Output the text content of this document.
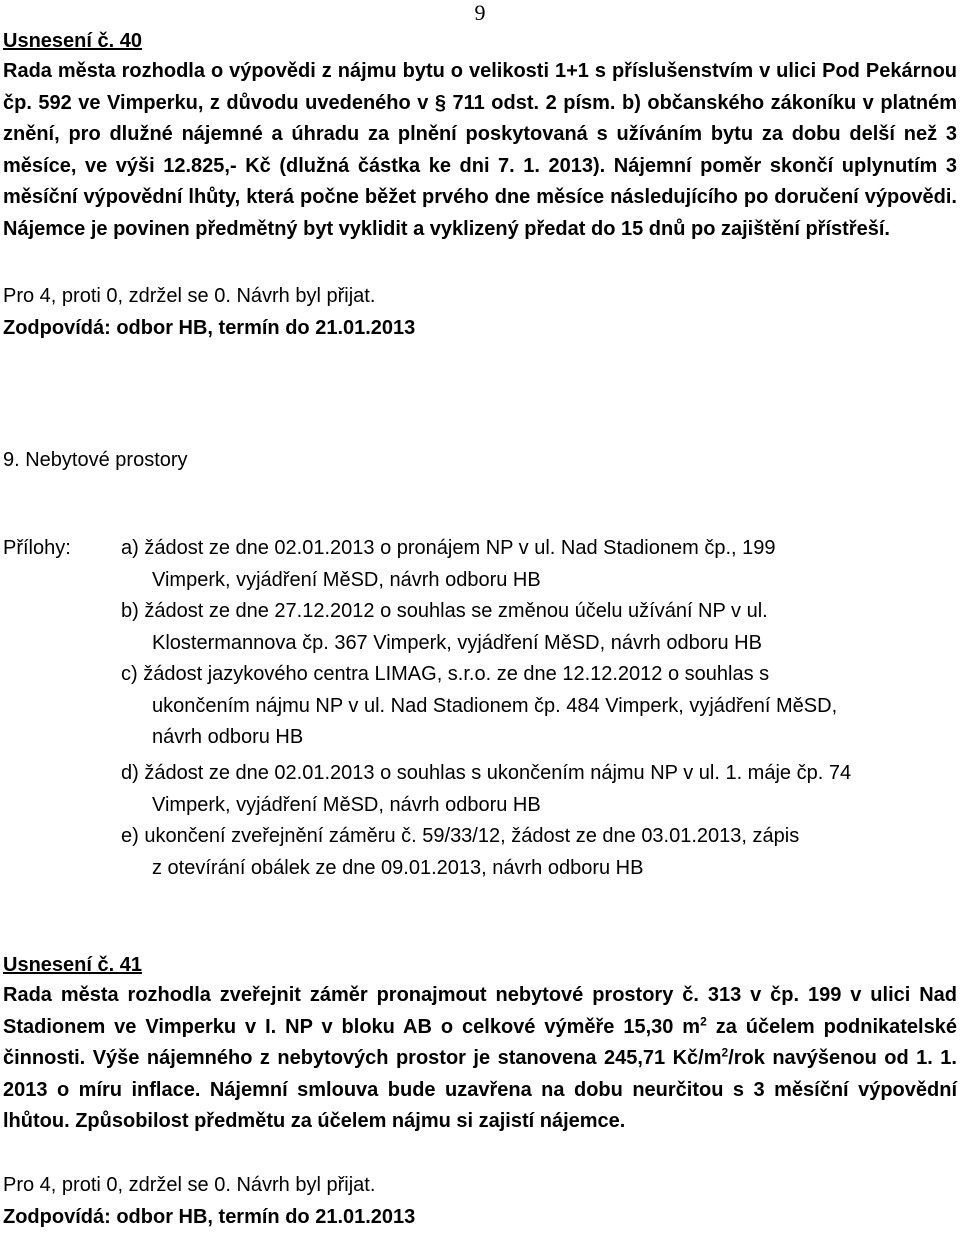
9
Usnesení č. 40
Rada města rozhodla o výpovědi z nájmu bytu o velikosti 1+1 s příslušenstvím v ulici Pod Pekárnou čp. 592 ve Vimperku, z důvodu uvedeného v § 711 odst. 2 písm. b) občanského zákoníku v platném znění, pro dlužné nájemné a úhradu za plnění poskytovaná s užíváním bytu za dobu delší než 3 měsíce, ve výši 12.825,- Kč (dlužná částka ke dni 7. 1. 2013). Nájemní poměr skončí uplynutím 3 měsíční výpovědní lhůty, která počne běžet prvého dne měsíce následujícího po doručení výpovědi. Nájemce je povinen předmětný byt vyklidit a vyklizený předat do 15 dnů po zajištění přístřeší.
Pro 4, proti 0, zdržel se 0. Návrh byl přijat.
Zodpovídá: odbor HB, termín do 21.01.2013
9. Nebytové prostory
Přílohy:	a) žádost ze dne 02.01.2013 o pronájem NP v ul. Nad Stadionem čp., 199
Vimperk, vyjádření MěSD, návrh odboru HB
b) žádost ze dne 27.12.2012 o souhlas se změnou účelu užívání NP v ul.
Klostermannova čp. 367 Vimperk, vyjádření MěSD, návrh odboru HB
c) žádost jazykového centra LIMAG, s.r.o. ze dne 12.12.2012 o souhlas s
ukončením nájmu NP v ul. Nad Stadionem čp. 484 Vimperk, vyjádření MěSD,
návrh odboru HB
d) žádost ze dne 02.01.2013 o souhlas s ukončením nájmu NP v ul. 1. máje čp. 74
Vimperk, vyjádření MěSD, návrh odboru HB
e) ukončení zveřejnění záměru č. 59/33/12, žádost ze dne 03.01.2013, zápis
z otevírání obálek ze dne 09.01.2013, návrh odboru HB
Usnesení č. 41
Rada města rozhodla zveřejnit záměr pronajmout nebytové prostory č. 313 v čp. 199 v ulici Nad Stadionem ve Vimperku v I. NP v bloku AB o celkové výměře 15,30 $m^2$ za účelem podnikatelské činnosti. Výše nájemného z nebytových prostor je stanovena 245,71 $Kč/m^2$/rok navýšenou od 1. 1. 2013 o míru inflace. Nájemní smlouva bude uzavřena na dobu neurčitou s 3 měsíční výpovědní lhůtou. Způsobilost předmětu za účelem nájmu si zajistí nájemce.
Pro 4, proti 0, zdržel se 0. Návrh byl přijat.
Zodpovídá: odbor HB, termín do 21.01.2013
